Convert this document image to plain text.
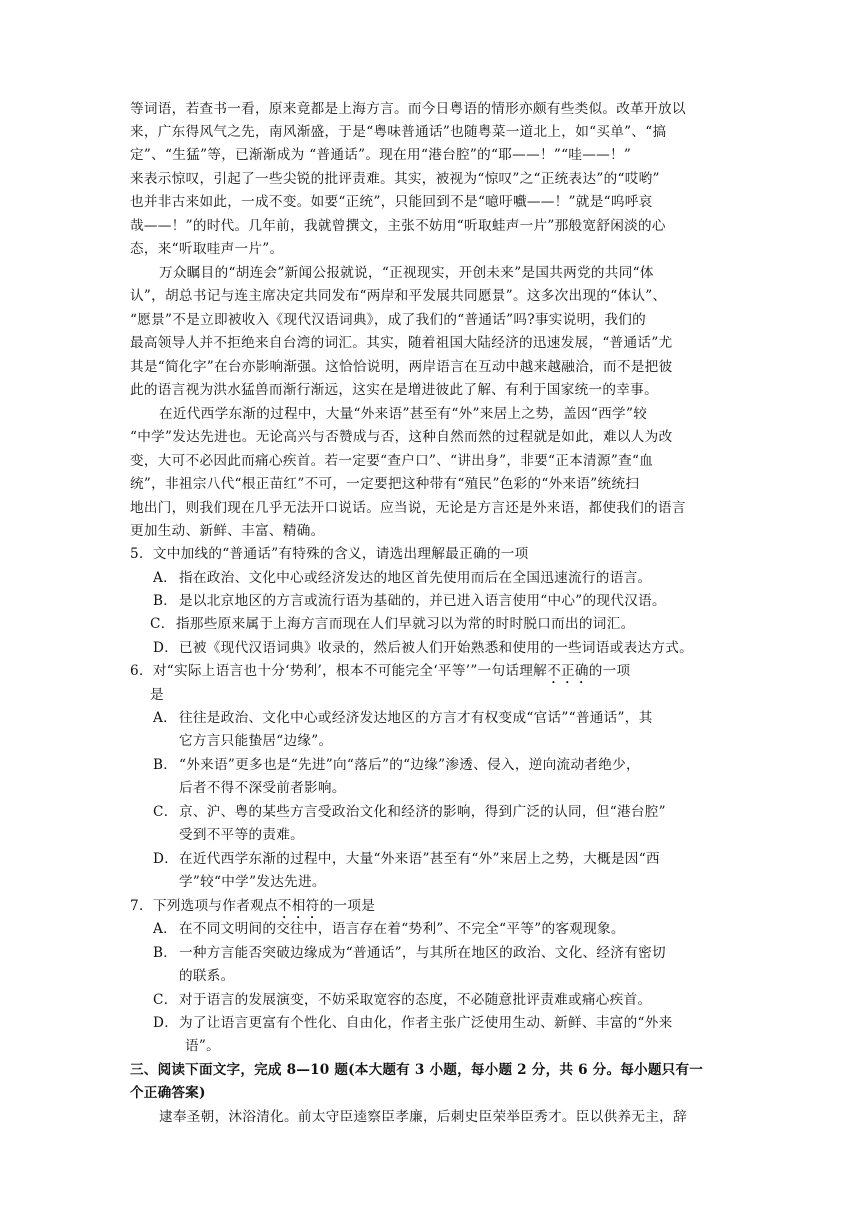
等词语，若查书一看，原来竟都是上海方言。而今日粤语的情形亦颇有些类似。改革开放以

来，广东得风气之先，南风渐盛，于是“粤味普通话”也随粤菜一道北上，如“买单”、“搞

定”、“生猛”等，已渐渐成为 “普通话”。现在用“港台腔”的“耶——！”“哇——！”

来表示惊叹，引起了一些尖锐的批评责难。其实，被视为“惊叹”之“正统表达”的“哎哟”

也并非古来如此，一成不变。如要“正统”，只能回到不是“噫吁嚱——！”就是“呜呼哀

哉——！”的时代。几年前，我就曾撰文，主张不妨用“听取蛙声一片”那般宽舒闲淡的心

态，来“听取哇声一片”。

万众瞩目的“胡连会”新闻公报就说，“正视现实，开创未来”是国共两党的共同“体

认”，胡总书记与连主席决定共同发布“两岸和平发展共同愿景”。这多次出现的“体认”、

“愿景”不是立即被收入《现代汉语词典》，成了我们的“普通话”吗?事实说明，我们的

最高领导人并不拒绝来自台湾的词汇。其实，随着祖国大陆经济的迅速发展，“普通话”尤

其是“简化字”在台亦影响渐强。这恰恰说明，两岸语言在互动中越来越融洽，而不是把彼

此的语言视为洪水猛兽而渐行渐远，这实在是增进彼此了解、有利于国家统一的幸事。

在近代西学东渐的过程中，大量“外来语”甚至有“外”来居上之势，盖因“西学”较

“中学”发达先进也。无论高兴与否赞成与否，这种自然而然的过程就是如此，难以人为改

变，大可不必因此而痛心疾首。若一定要“查户口”、“讲出身”，非要“正本清源”查“血

统”，非祖宗八代“根正苗红”不可，一定要把这种带有“殖民”色彩的“外来语”统统扫

地出门，则我们现在几乎无法开口说话。应当说，无论是方言还是外来语，都使我们的语言

更加生动、新鲜、丰富、精确。

5．文中加线的“普通话”有特殊的含义，请选出理解最正确的一项

A． 指在政治、文化中心或经济发达的地区首先使用而后在全国迅速流行的语言。

B． 是以北京地区的方言或流行语为基础的，并已进入语言使用“中心”的现代汉语。

C．指那些原来属于上海方言而现在人们早就习以为常的时时脱口而出的词汇。

D．已被《现代汉语词典》收录的，然后被人们开始熟悉和使用的一些词语或表达方式。

6．对“实际上语言也十分‘势利’，根本不可能完全‘平等’”一句话理解不正确的一项

是

A． 往往是政治、文化中心或经济发达地区的方言才有权变成“官话”“普通话”，其
它方言只能蛰居“边缘”。

B． “外来语”更多也是“先进”向“落后”的“边缘”渗透、侵入，逆向流动者绝少，
后者不得不深受前者影响。

C．京、沪、粤的某些方言受政治文化和经济的影响，得到广泛的认同，但“港台腔”
受到不平等的责难。

D．在近代西学东渐的过程中，大量“外来语”甚至有“外”来居上之势，大概是因“西
学”较“中学”发达先进。

7．下列选项与作者观点不相符的一项是

A． 在不同文明间的交往中，语言存在着“势利”、不完全“平等”的客观现象。

B． 一种方言能否突破边缘成为“普通话”，与其所在地区的政治、文化、经济有密切
的联系。

C．对于语言的发展演变，不妨采取宽容的态度，不必随意批评责难或痛心疾首。

D．为了让语言更富有个性化、自由化，作者主张广泛使用生动、新鲜、丰富的“外来
语”。

三、阅读下面文字，完成 8—10 题(本大题有 3 小题，每小题 2 分，共 6 分。每小题只有一

个正确答案)

逮奉圣朝，沐浴清化。前太守臣逵察臣孝廉，后刺史臣荣举臣秀才。臣以供养无主，辞
